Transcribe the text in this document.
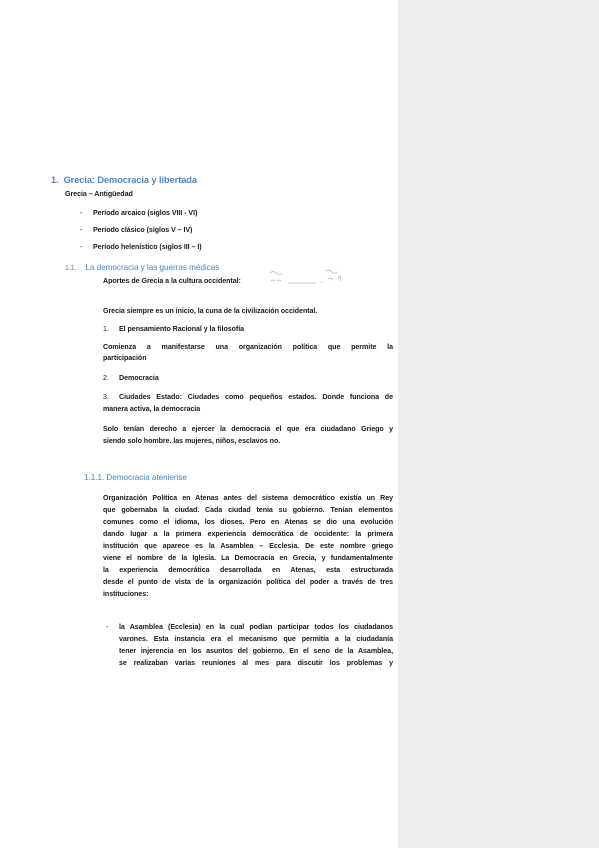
1. Grecia: Democracia y libertada
Grecia – Antigüedad
- Período arcaico (siglos VIII - VI)
- Período clásico (siglos V – IV)
- Período helenístico (siglos III – I)
1.1. La democracia y las guerras médicas
Aportes de Grecia a la cultura occidental:
Grecia siempre es un inicio, la cuna de la civilización occidental.
1. El pensamiento Racional y la filosofía
Comienza a manifestarse una organización política que permite la
participación
2. Democracia
3. Ciudades Estado: Ciudades como pequeños estados. Donde funciona de
manera activa, la democracia
Solo tenían derecho a ejercer la democracia el que era ciudadano Griego y
siendo solo hombre. las mujeres, niños, esclavos no.
1.1.1. Democracia ateniense
Organización Política en Atenas antes del sistema democrático existía un Rey
que gobernaba la ciudad. Cada ciudad tenía su gobierno. Tenían elementos
comunes como el idioma, los dioses. Pero en Atenas se dio una evolución
dando lugar a la primera experiencia democrática de occidente: la primera
institución que aparece es la Asamblea – Ecclesia. De este nombre griego
viene el nombre de la Iglesia. La Democracia en Grecia, y fundamentalmente
la experiencia democrática desarrollada en Atenas, esta estructurada
desde el punto de vista de la organización política del poder a través de tres
instituciones:
- la Asamblea (Ecclesia) en la cual podían participar todos los ciudadanos
varones. Esta instancia era el mecanismo que permitía a la ciudadanía
tener injerencia en los asuntos del gobierno. En el seno de la Asamblea,
se realizaban varias reuniones al mes para discutir los problemas y
